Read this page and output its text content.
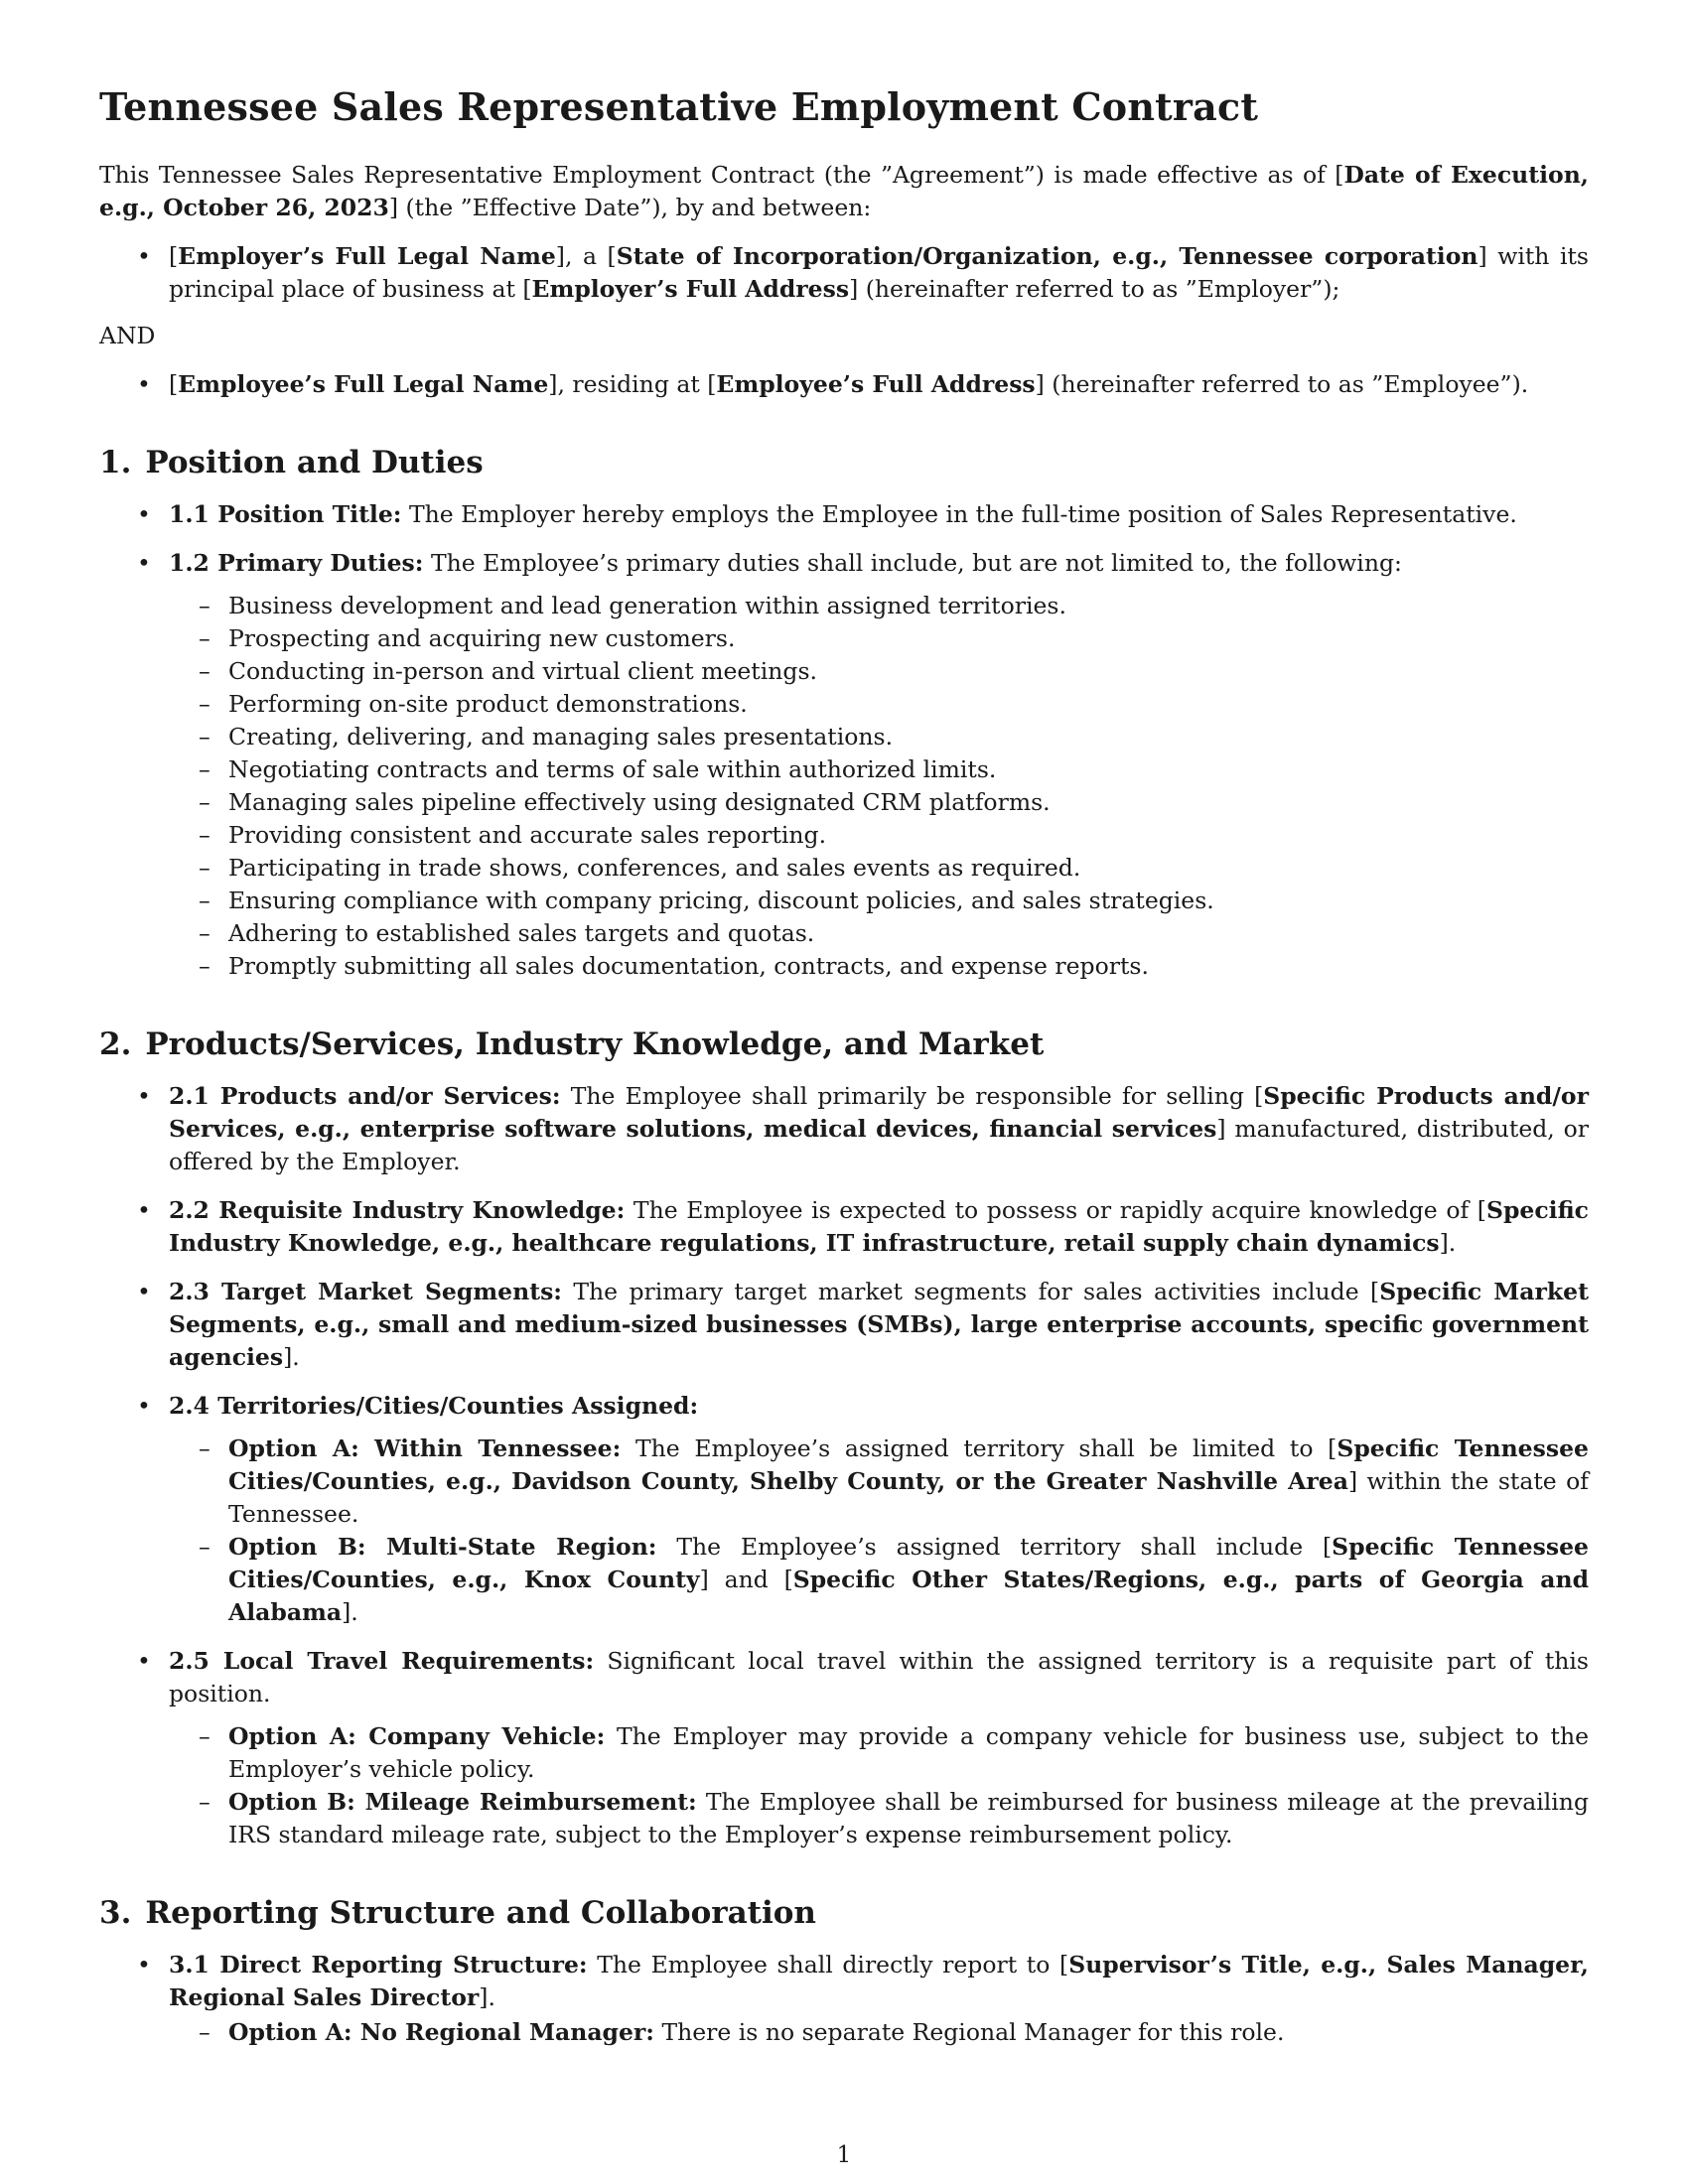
Tennessee Sales Representative Employment Contract

This Tennessee Sales Representative Employment Contract (the ”Agreement”) is made effective as of [Date of Execution, e.g., October 26, 2023] (the ”Effective Date”), by and between:

• [Employer’s Full Legal Name], a [State of Incorporation/Organization, e.g., Tennessee corporation] with its principal place of business at [Employer’s Full Address] (hereinafter referred to as ”Employer”);

AND

• [Employee’s Full Legal Name], residing at [Employee’s Full Address] (hereinafter referred to as ”Employee”).
1. Position and Duties
• 1.1 Position Title: The Employer hereby employs the Employee in the full-time position of Sales Representative.
• 1.2 Primary Duties: The Employee’s primary duties shall include, but are not limited to, the following:
– Business development and lead generation within assigned territories.
– Prospecting and acquiring new customers.
– Conducting in-person and virtual client meetings.
– Performing on-site product demonstrations.
– Creating, delivering, and managing sales presentations.
– Negotiating contracts and terms of sale within authorized limits.
– Managing sales pipeline effectively using designated CRM platforms.
– Providing consistent and accurate sales reporting.
– Participating in trade shows, conferences, and sales events as required.
– Ensuring compliance with company pricing, discount policies, and sales strategies.
– Adhering to established sales targets and quotas.
– Promptly submitting all sales documentation, contracts, and expense reports.
2. Products/Services, Industry Knowledge, and Market
• 2.1 Products and/or Services: The Employee shall primarily be responsible for selling [Specific Products and/or Services, e.g., enterprise software solutions, medical devices, financial services] manufactured, distributed, or offered by the Employer.
• 2.2 Requisite Industry Knowledge: The Employee is expected to possess or rapidly acquire knowledge of [Specific Industry Knowledge, e.g., healthcare regulations, IT infrastructure, retail supply chain dynamics].
• 2.3 Target Market Segments: The primary target market segments for sales activities include [Specific Market Segments, e.g., small and medium-sized businesses (SMBs), large enterprise accounts, specific government agencies].
• 2.4 Territories/Cities/Counties Assigned:
– Option A: Within Tennessee: The Employee’s assigned territory shall be limited to [Specific Tennessee Cities/Counties, e.g., Davidson County, Shelby County, or the Greater Nashville Area] within the state of Tennessee.
– Option B: Multi-State Region: The Employee’s assigned territory shall include [Specific Tennessee Cities/Counties, e.g., Knox County] and [Specific Other States/Regions, e.g., parts of Georgia and Alabama].
• 2.5 Local Travel Requirements: Significant local travel within the assigned territory is a requisite part of this position.
– Option A: Company Vehicle: The Employer may provide a company vehicle for business use, subject to the Employer’s vehicle policy.
– Option B: Mileage Reimbursement: The Employee shall be reimbursed for business mileage at the prevailing IRS standard mileage rate, subject to the Employer’s expense reimbursement policy.
3. Reporting Structure and Collaboration
• 3.1 Direct Reporting Structure: The Employee shall directly report to [Supervisor’s Title, e.g., Sales Manager, Regional Sales Director].
– Option A: No Regional Manager: There is no separate Regional Manager for this role.
1
